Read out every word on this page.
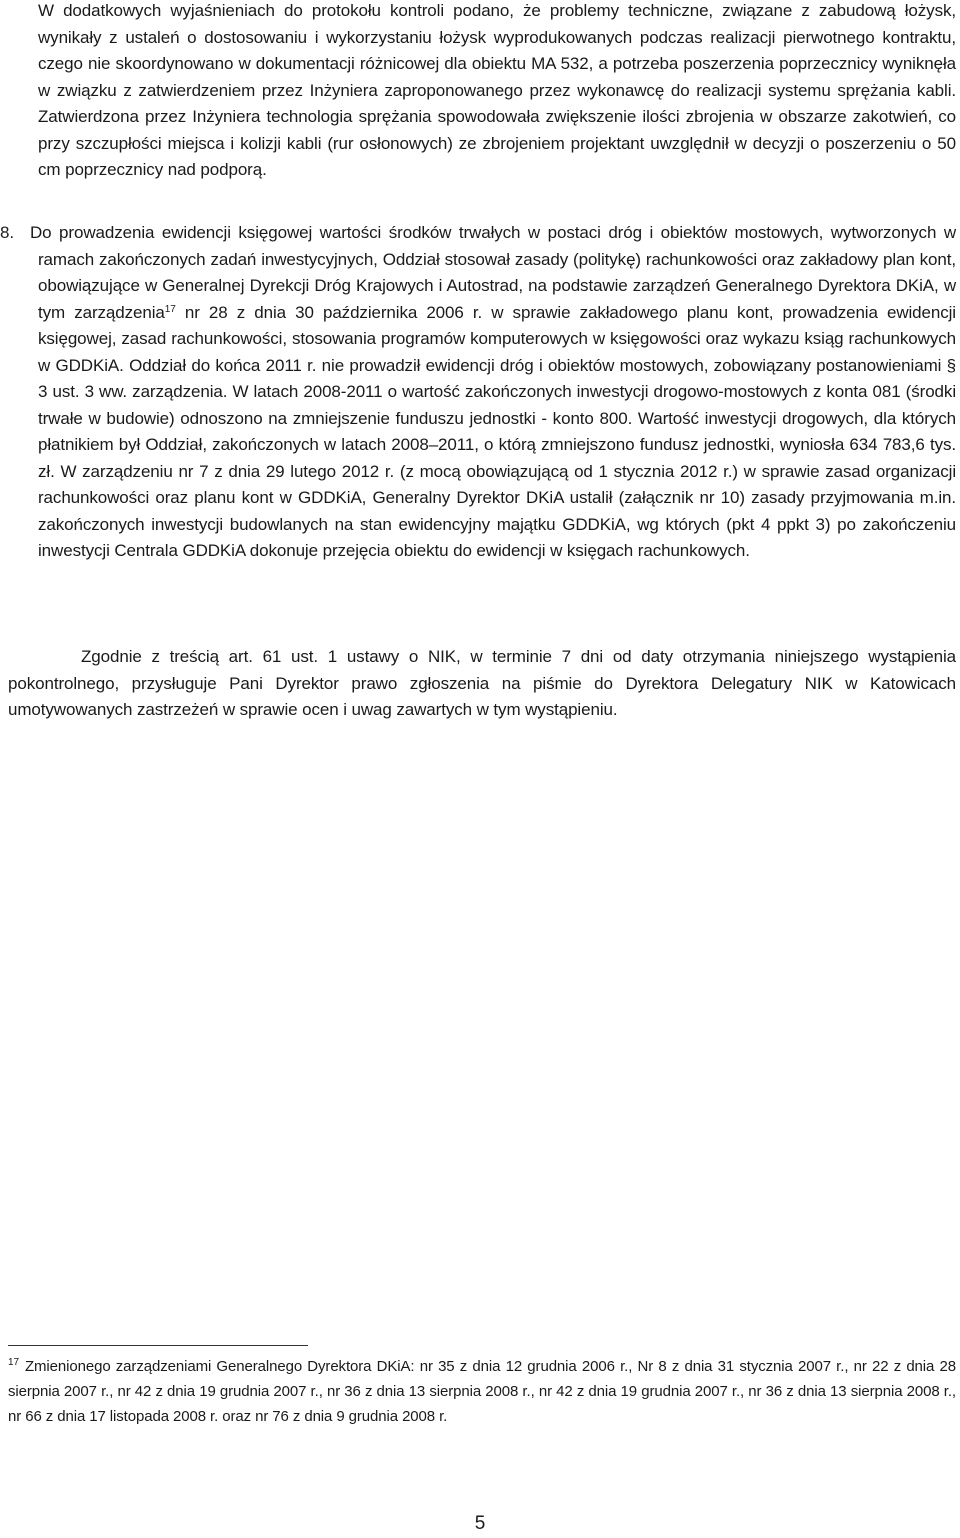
W dodatkowych wyjaśnieniach do protokołu kontroli podano, że problemy techniczne, związane z zabudową łożysk, wynikały z ustaleń o dostosowaniu i wykorzystaniu łożysk wyprodukowanych podczas realizacji pierwotnego kontraktu, czego nie skoordynowano w dokumentacji różnicowej dla obiektu MA 532, a potrzeba poszerzenia poprzecznicy wyniknęła w związku z zatwierdzeniem przez Inżyniera zaproponowanego przez wykonawcę do realizacji systemu sprężania kabli. Zatwierdzona przez Inżyniera technologia sprężania spowodowała zwiększenie ilości zbrojenia w obszarze zakotwień, co przy szczupłości miejsca i kolizji kabli (rur osłonowych) ze zbrojeniem projektant uwzględnił w decyzji o poszerzeniu o 50 cm poprzecznicy nad podporą.

8. Do prowadzenia ewidencji księgowej wartości środków trwałych w postaci dróg i obiektów mostowych, wytworzonych w ramach zakończonych zadań inwestycyjnych, Oddział stosował zasady (politykę) rachunkowości oraz zakładowy plan kont, obowiązujące w Generalnej Dyrekcji Dróg Krajowych i Autostrad, na podstawie zarządzeń Generalnego Dyrektora DKiA, w tym zarządzenia$^{17}$ nr 28 z dnia 30 października 2006 r. w sprawie zakładowego planu kont, prowadzenia ewidencji księgowej, zasad rachunkowości, stosowania programów komputerowych w księgowości oraz wykazu ksiąg rachunkowych w GDDKiA. Oddział do końca 2011 r. nie prowadził ewidencji dróg i obiektów mostowych, zobowiązany postanowieniami § 3 ust. 3 ww. zarządzenia. W latach 2008-2011 o wartość zakończonych inwestycji drogowo-mostowych z konta 081 (środki trwałe w budowie) odnoszono na zmniejszenie funduszu jednostki - konto 800. Wartość inwestycji drogowych, dla których płatnikiem był Oddział, zakończonych w latach 2008–2011, o którą zmniejszono fundusz jednostki, wyniosła 634 783,6 tys. zł. W zarządzeniu nr 7 z dnia 29 lutego 2012 r. (z mocą obowiązującą od 1 stycznia 2012 r.) w sprawie zasad organizacji rachunkowości oraz planu kont w GDDKiA, Generalny Dyrektor DKiA ustalił (załącznik nr 10) zasady przyjmowania m.in. zakończonych inwestycji budowlanych na stan ewidencyjny majątku GDDKiA, wg których (pkt 4 ppkt 3) po zakończeniu inwestycji Centrala GDDKiA dokonuje przejęcia obiektu do ewidencji w księgach rachunkowych.

Zgodnie z treścią art. 61 ust. 1 ustawy o NIK, w terminie 7 dni od daty otrzymania niniejszego wystąpienia pokontrolnego, przysługuje Pani Dyrektor prawo zgłoszenia na piśmie do Dyrektora Delegatury NIK w Katowicach umotywowanych zastrzeżeń w sprawie ocen i uwag zawartych w tym wystąpieniu.

$^{17}$ Zmienionego zarządzeniami Generalnego Dyrektora DKiA: nr 35 z dnia 12 grudnia 2006 r., Nr 8 z dnia 31 stycznia 2007 r., nr 22 z dnia 28 sierpnia 2007 r., nr 42 z dnia 19 grudnia 2007 r., nr 36 z dnia 13 sierpnia 2008 r., nr 42 z dnia 19 grudnia 2007 r., nr 36 z dnia 13 sierpnia 2008 r., nr 66 z dnia 17 listopada 2008 r. oraz nr 76 z dnia 9 grudnia 2008 r.
5
